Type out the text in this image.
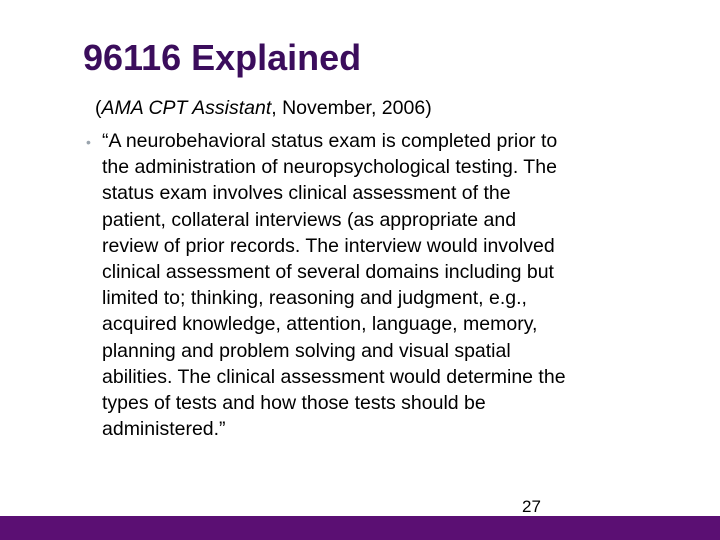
96116 Explained
(AMA CPT Assistant, November, 2006)
• “A neurobehavioral status exam is completed prior to
the administration of neuropsychological testing. The
status exam involves clinical assessment of the
patient, collateral interviews (as appropriate and
review of prior records. The interview would involved
clinical assessment of several domains including but
limited to; thinking, reasoning and judgment, e.g.,
acquired knowledge, attention, language, memory,
planning and problem solving and visual spatial
abilities. The clinical assessment would determine the
types of tests and how those tests should be
administered.”
27
